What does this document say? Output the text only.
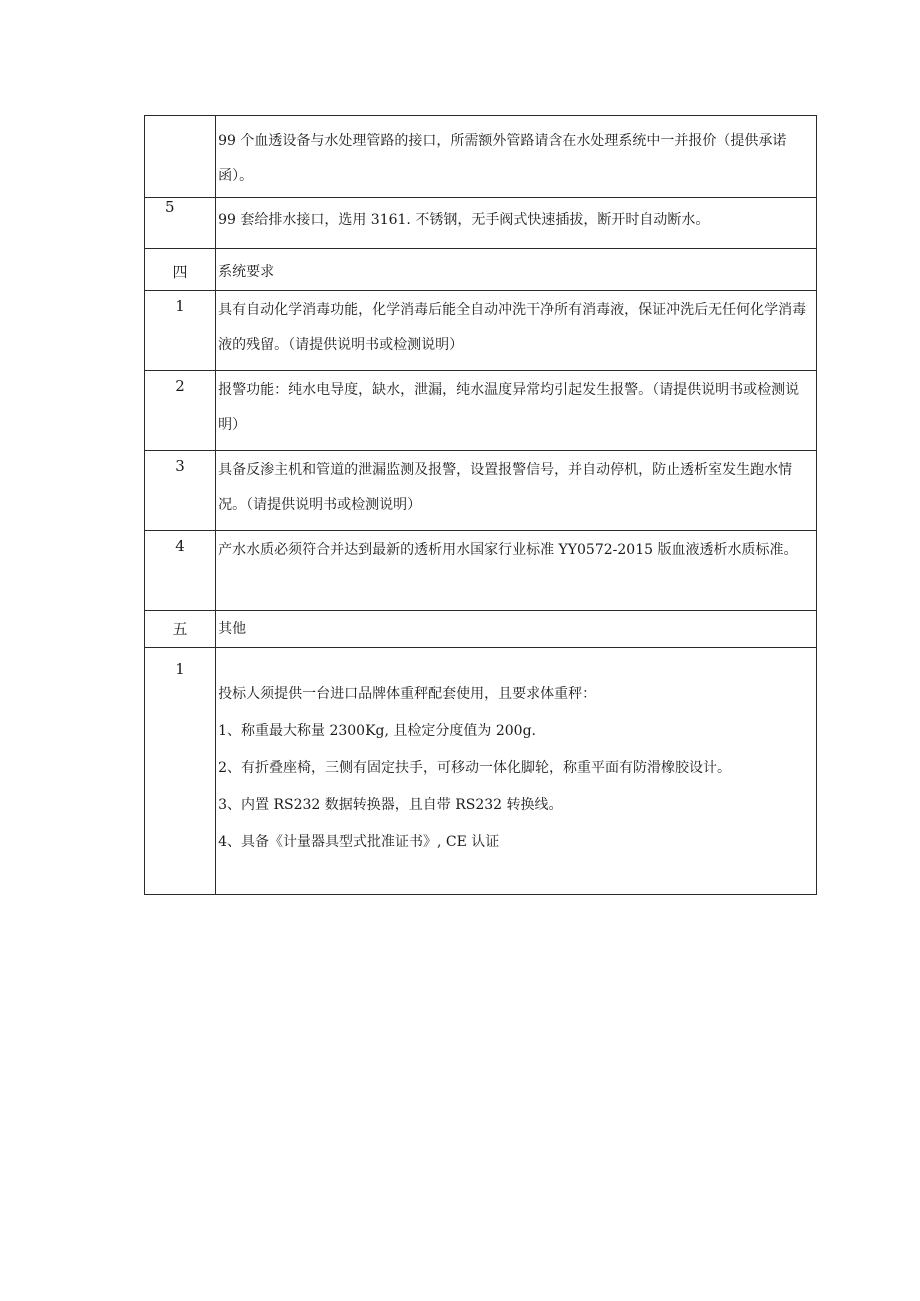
	99 个血透设备与水处理管路的接口，所需额外管路请含在水处理系统中一并报价（提供承诺函）。
5	99 套给排水接口，选用 3161. 不锈钢，无手阀式快速插拔，断开时自动断水。
四	系统要求
1	具有自动化学消毒功能，化学消毒后能全自动冲洗干净所有消毒液，保证冲洗后无任何化学消毒液的残留。（请提供说明书或检测说明）
2	报警功能：纯水电导度，缺水，泄漏，纯水温度异常均引起发生报警。（请提供说明书或检测说明）
3	具备反渗主机和管道的泄漏监测及报警，设置报警信号，并自动停机，防止透析室发生跑水情况。（请提供说明书或检测说明）
4	产水水质必须符合并达到最新的透析用水国家行业标准 YY0572-2015 版血液透析水质标准。
五	其他
1	投标人须提供一台进口品牌体重秤配套使用，且要求体重秤：

1、称重最大称量 2300Kg, 且检定分度值为 200g.

2、有折叠座椅，三侧有固定扶手，可移动一体化脚轮，称重平面有防滑橡胶设计。

3、内置 RS232 数据转换器，且自带 RS232 转换线。

4、具备《计量器具型式批准证书》, CE 认证
